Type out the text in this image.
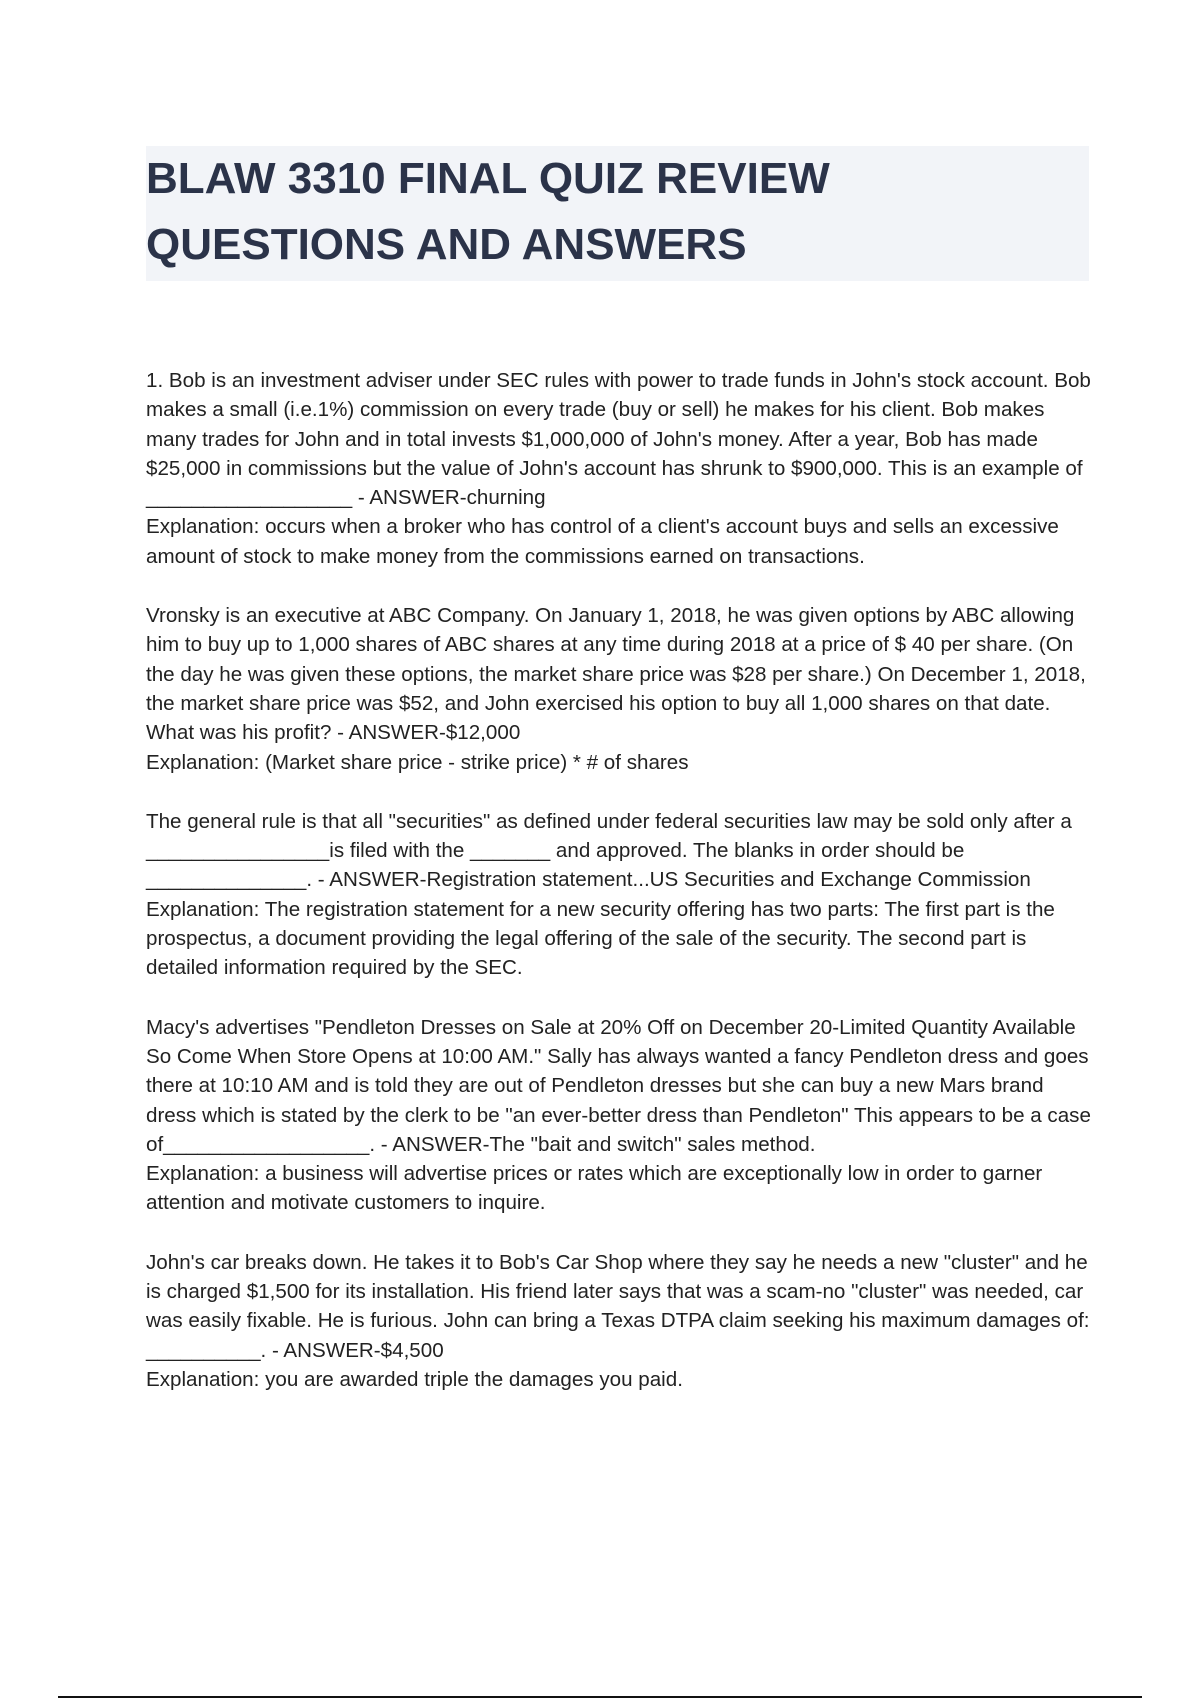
BLAW 3310 FINAL QUIZ REVIEW
QUESTIONS AND ANSWERS

1. Bob is an investment adviser under SEC rules with power to trade funds in John's stock account. Bob makes a small (i.e.1%) commission on every trade (buy or sell) he makes for his client. Bob makes many trades for John and in total invests $1,000,000 of John's money. After a year, Bob has made $25,000 in commissions but the value of John's account has shrunk to $900,000. This is an example of __________________ - ANSWER-churning

Explanation: occurs when a broker who has control of a client's account buys and sells an excessive amount of stock to make money from the commissions earned on transactions.

Vronsky is an executive at ABC Company. On January 1, 2018, he was given options by ABC allowing him to buy up to 1,000 shares of ABC shares at any time during 2018 at a price of $ 40 per share. (On the day he was given these options, the market share price was $28 per share.) On December 1, 2018, the market share price was $52, and John exercised his option to buy all 1,000 shares on that date. What was his profit? - ANSWER-$12,000

Explanation: (Market share price - strike price) * # of shares

The general rule is that all "securities" as defined under federal securities law may be sold only after a ________________is filed with the _______ and approved. The blanks in order should be ______________. - ANSWER-Registration statement...US Securities and Exchange Commission

Explanation: The registration statement for a new security offering has two parts: The first part is the prospectus, a document providing the legal offering of the sale of the security. The second part is detailed information required by the SEC.

Macy's advertises "Pendleton Dresses on Sale at 20% Off on December 20-Limited Quantity Available So Come When Store Opens at 10:00 AM." Sally has always wanted a fancy Pendleton dress and goes there at 10:10 AM and is told they are out of Pendleton dresses but she can buy a new Mars brand dress which is stated by the clerk to be "an ever-better dress than Pendleton" This appears to be a case of__________________. - ANSWER-The "bait and switch" sales method.

Explanation: a business will advertise prices or rates which are exceptionally low in order to garner attention and motivate customers to inquire.

John's car breaks down. He takes it to Bob's Car Shop where they say he needs a new "cluster" and he is charged $1,500 for its installation. His friend later says that was a scam-no "cluster" was needed, car was easily fixable. He is furious. John can bring a Texas DTPA claim seeking his maximum damages of: __________. - ANSWER-$4,500

Explanation: you are awarded triple the damages you paid.
